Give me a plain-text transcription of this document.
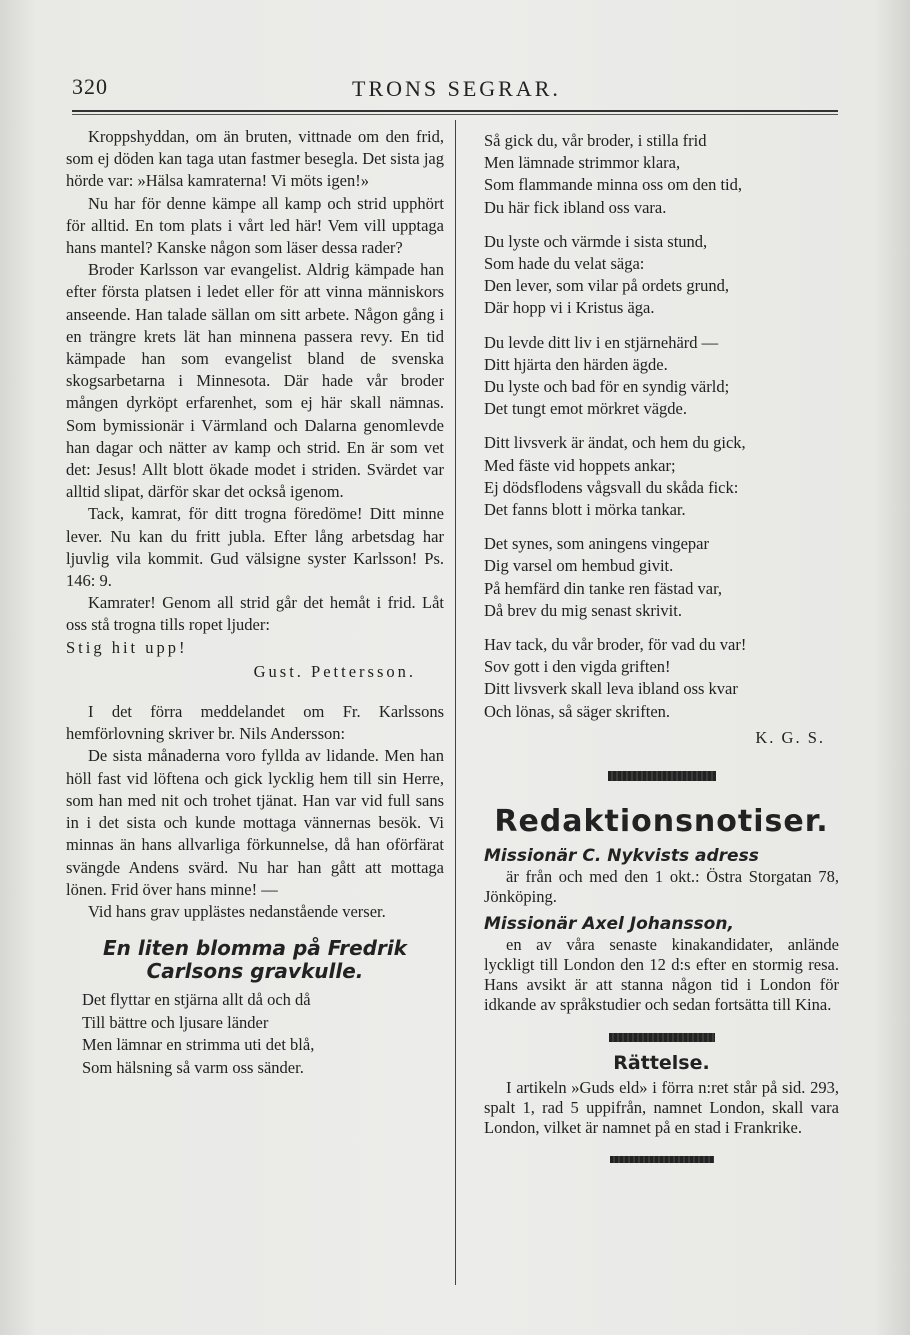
320	TRONS SEGRAR.

Kroppshyddan, om än bruten, vittnade om den frid, som ej döden kan taga utan fastmer besegla. Det sista jag hörde var: »Hälsa kamraterna! Vi möts igen!»

Nu har för denne kämpe all kamp och strid upphört för alltid. En tom plats i vårt led här! Vem vill upptaga hans mantel? Kanske någon som läser dessa rader?

Broder Karlsson var evangelist. Aldrig kämpade han efter första platsen i ledet eller för att vinna människors anseende. Han talade sällan om sitt arbete. Någon gång i en trängre krets lät han minnena passera revy. En tid kämpade han som evangelist bland de svenska skogsarbetarna i Minnesota. Där hade vår broder mången dyrköpt erfarenhet, som ej här skall nämnas. Som bymissionär i Värmland och Dalarna genomlevde han dagar och nätter av kamp och strid. En är som vet det: Jesus! Allt blott ökade modet i striden. Svärdet var alltid slipat, därför skar det också igenom.

Tack, kamrat, för ditt trogna föredöme! Ditt minne lever. Nu kan du fritt jubla. Efter lång arbetsdag har ljuvlig vila kommit. Gud välsigne syster Karlsson! Ps. 146: 9.

Kamrater! Genom all strid går det hemåt i frid. Låt oss stå trogna tills ropet ljuder:

Stig hit upp!

Gust. Pettersson.

I det förra meddelandet om Fr. Karlssons hemförlovning skriver br. Nils Andersson:

De sista månaderna voro fyllda av lidande. Men han höll fast vid löftena och gick lycklig hem till sin Herre, som han med nit och trohet tjänat. Han var vid full sans in i det sista och kunde mottaga vännernas besök. Vi minnas än hans allvarliga förkunnelse, då han oförfärat svängde Andens svärd. Nu har han gått att mottaga lönen. Frid över hans minne! —

Vid hans grav upplästes nedanstående verser.

En liten blomma på Fredrik Carlsons gravkulle.

Det flyttar en stjärna allt då och då

Till bättre och ljusare länder

Men lämnar en strimma uti det blå,

Som hälsning så varm oss sänder.

Så gick du, vår broder, i stilla frid

Men lämnade strimmor klara,

Som flammande minna oss om den tid,

Du här fick ibland oss vara.

Du lyste och värmde i sista stund,

Som hade du velat säga:

Den lever, som vilar på ordets grund,

Där hopp vi i Kristus äga.

Du levde ditt liv i en stjärnehärd —

Ditt hjärta den härden ägde.

Du lyste och bad för en syndig värld;

Det tungt emot mörkret vägde.

Ditt livsverk är ändat, och hem du gick,

Med fäste vid hoppets ankar;

Ej dödsflodens vågsvall du skåda fick:

Det fanns blott i mörka tankar.

Det synes, som aningens vingepar

Dig varsel om hembud givit.

På hemfärd din tanke ren fästad var,

Då brev du mig senast skrivit.

Hav tack, du vår broder, för vad du var!

Sov gott i den vigda griften!

Ditt livsverk skall leva ibland oss kvar

Och lönas, så säger skriften.

K. G. S.

Redaktionsnotiser.
Missionär C. Nykvists adress

är från och med den 1 okt.: Östra Storgatan 78, Jönköping.

Missionär Axel Johansson,

en av våra senaste kinakandidater, anlände lyckligt till London den 12 d:s efter en stormig resa. Hans avsikt är att stanna någon tid i London för idkande av språkstudier och sedan fortsätta till Kina.

Rättelse.

I artikeln »Guds eld» i förra n:ret står på sid. 293, spalt 1, rad 5 uppifrån, namnet London, skall vara London, vilket är namnet på en stad i Frankrike.
